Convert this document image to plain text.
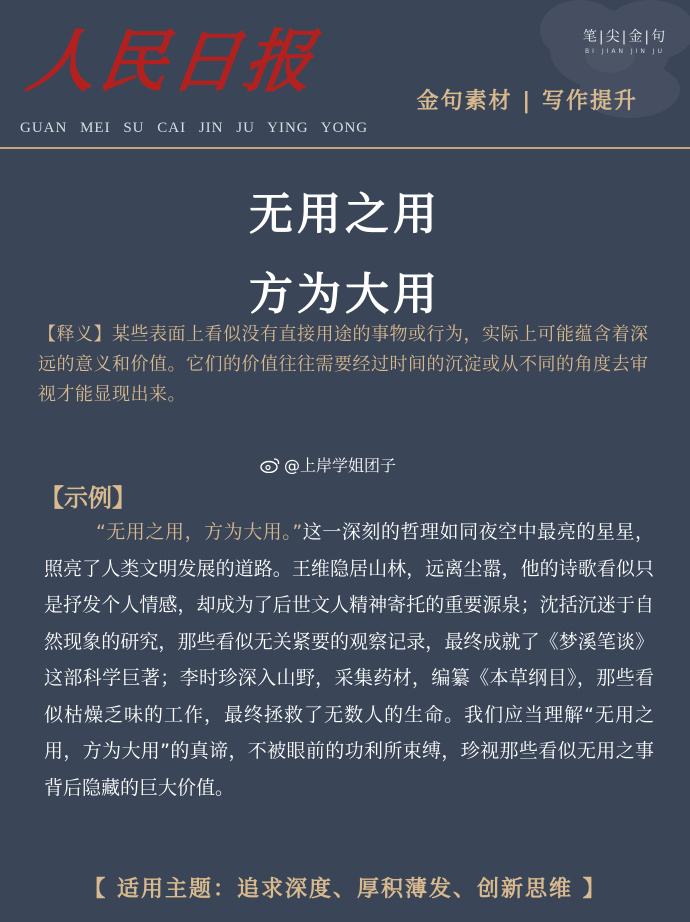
人民日报
GUAN MEI SU CAI JIN JU YING YONG
笔|尖|金|句
BI JIAN JIN JU
金句素材 | 写作提升
无用之用
方为大用
【释义】某些表面上看似没有直接用途的事物或行为，实际上可能蕴含着深远的意义和价值。它们的价值往往需要经过时间的沉淀或从不同的角度去审视才能显现出来。
@上岸学姐团子
【示例】
“无用之用，方为大用。”这一深刻的哲理如同夜空中最亮的星星，照亮了人类文明发展的道路。王维隐居山林，远离尘嚣，他的诗歌看似只是抒发个人情感，却成为了后世文人精神寄托的重要源泉；沈括沉迷于自然现象的研究，那些看似无关紧要的观察记录，最终成就了《梦溪笔谈》这部科学巨著；李时珍深入山野，采集药材，编纂《本草纲目》，那些看似枯燥乏味的工作，最终拯救了无数人的生命。我们应当理解“无用之用，方为大用”的真谛，不被眼前的功利所束缚，珍视那些看似无用之事背后隐藏的巨大价值。
【 适用主题：追求深度、厚积薄发、创新思维 】
